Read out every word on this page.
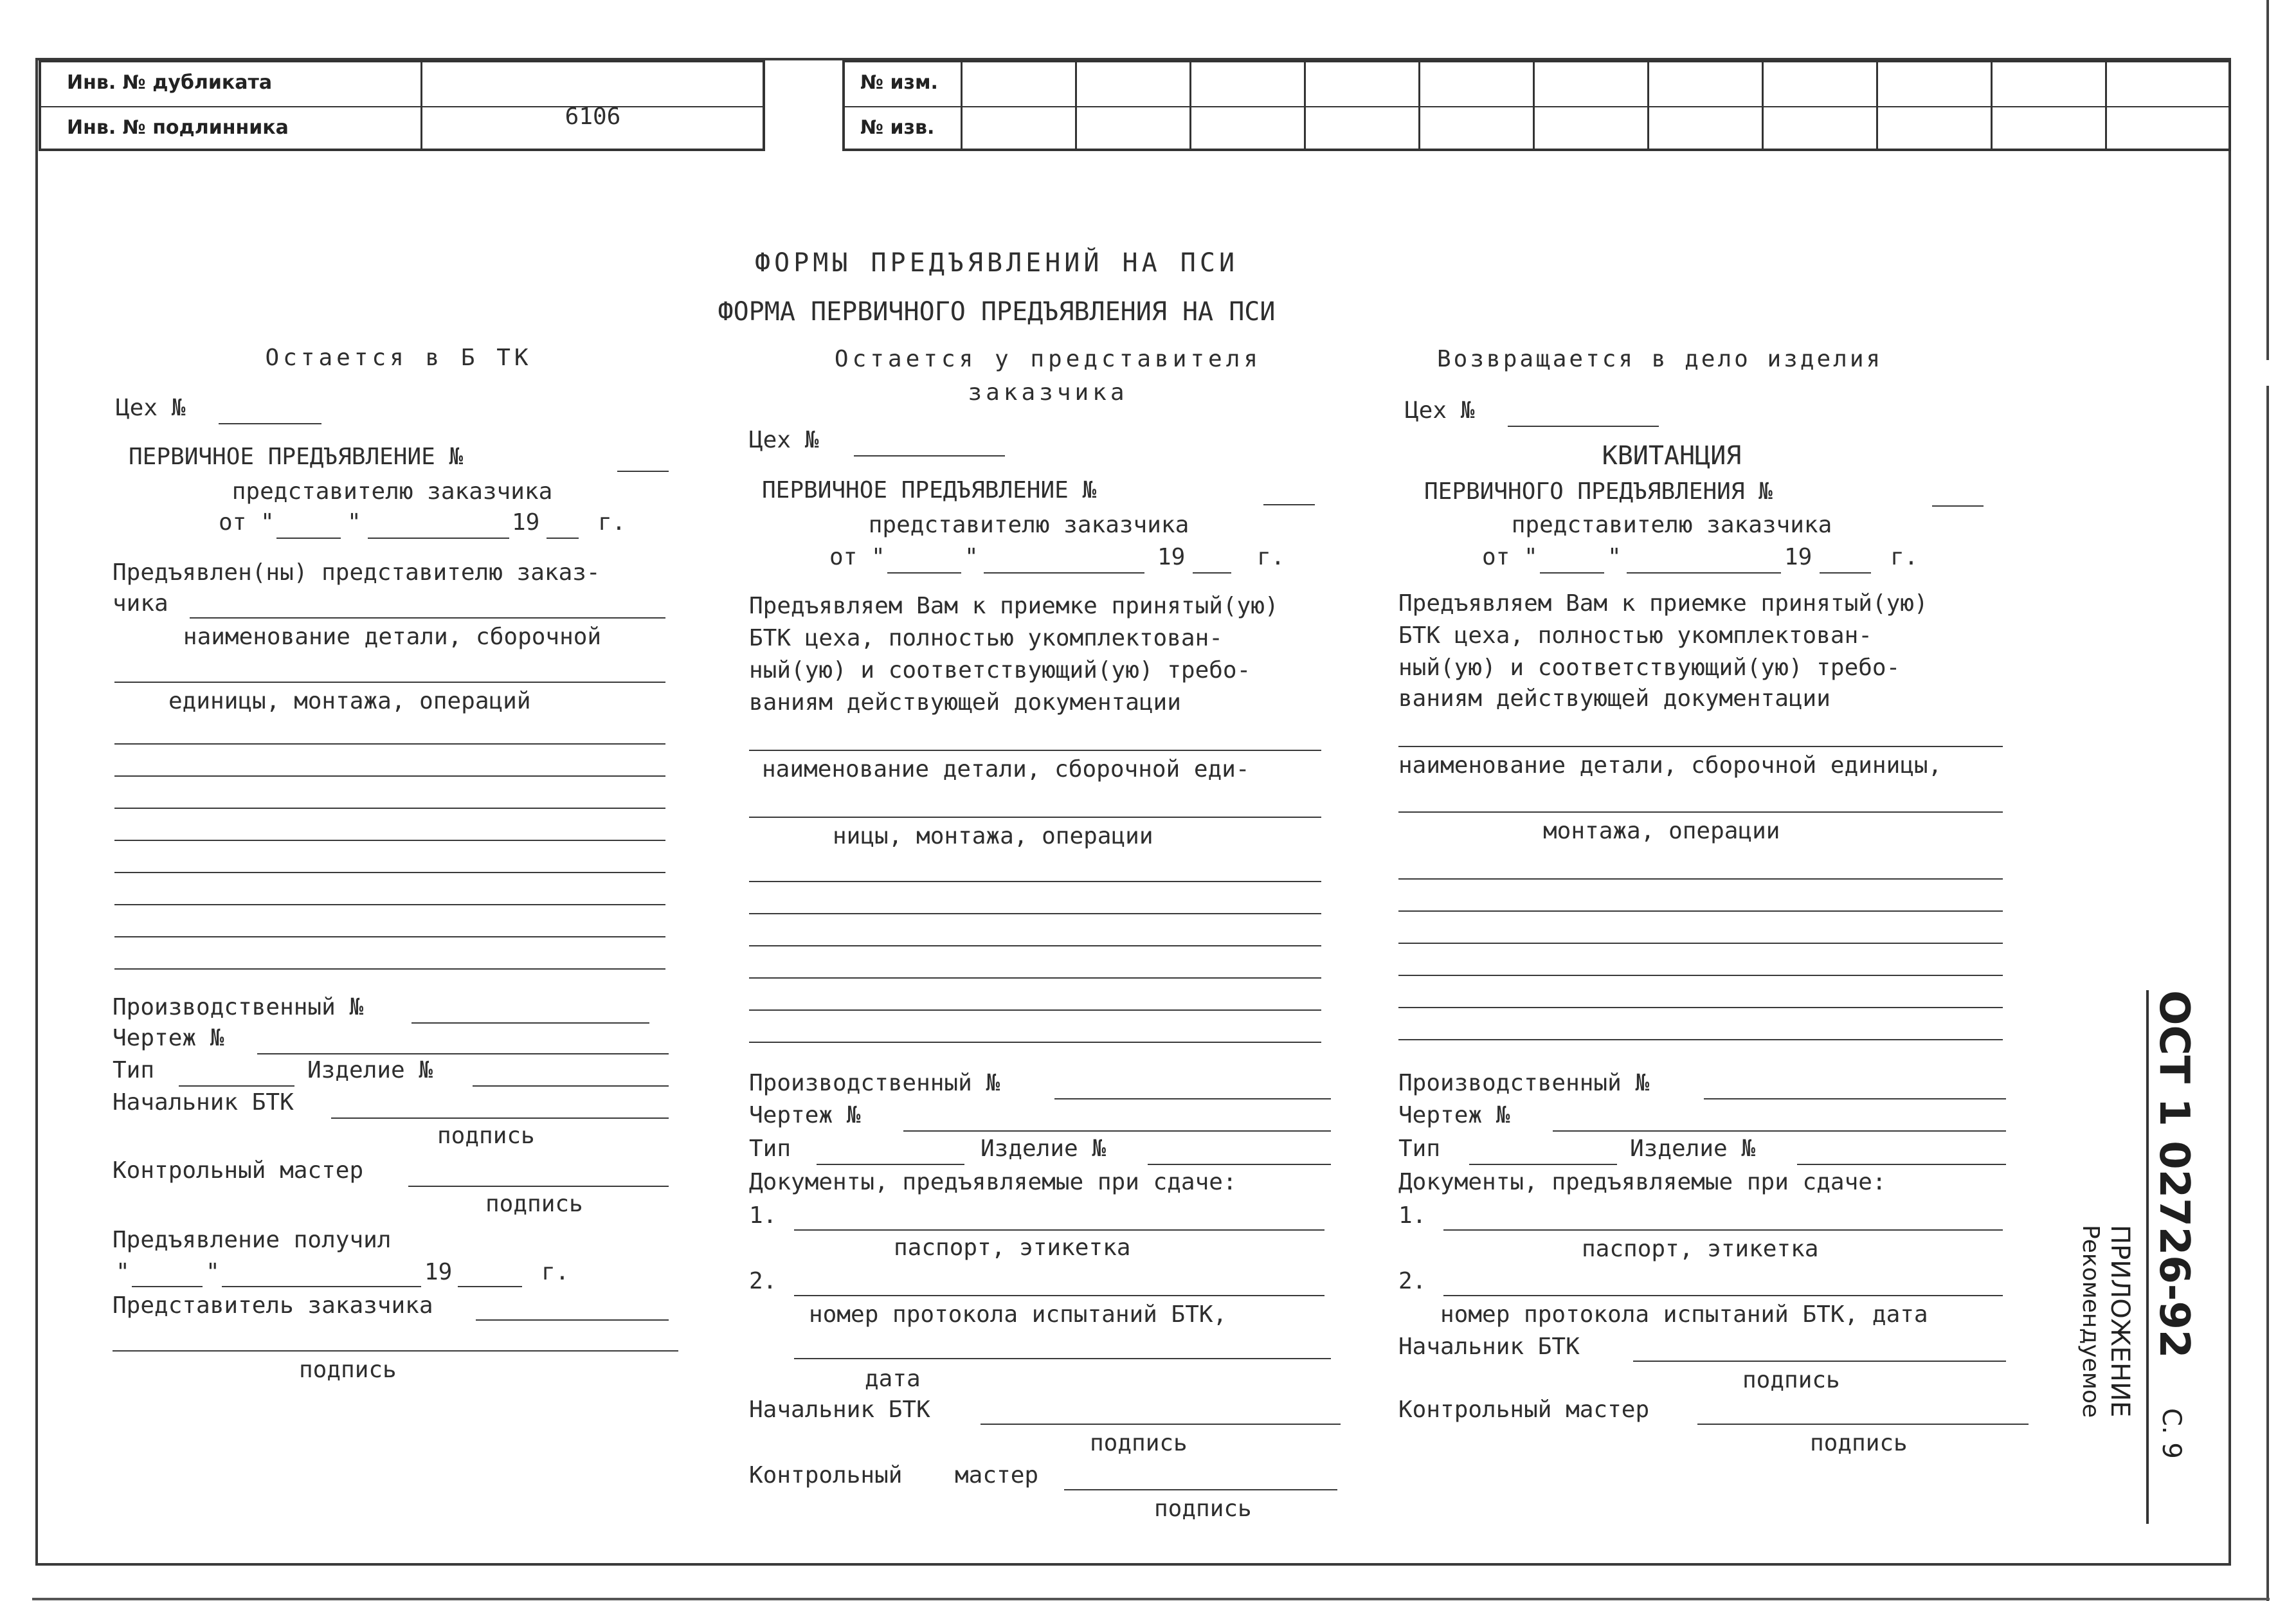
Инв. № дубликата
Инв. № подлинника	6106
№ изм.
№ изв.
ФОРМЫ ПРЕДЪЯВЛЕНИЙ НА ПСИ
ФОРМА ПЕРВИЧНОГО ПРЕДЪЯВЛЕНИЯ НА ПСИ
Остается в Б ТК
Цех №
ПЕРВИЧНОЕ ПРЕДЪЯВЛЕНИЕ №
представителю заказчика
от "	"	19	г.
Предъявлен(ны) представителю заказ-
чика
наименование детали, сборочной
единицы, монтажа, операций
Производственный №
Чертеж №
Тип	Изделие №
Начальник БТК
подпись
Контрольный мастер
подпись
Предъявление получил
"	"	19	г.
Представитель заказчика
подпись
Остается у представителя
заказчика
Цех №
ПЕРВИЧНОЕ ПРЕДЪЯВЛЕНИЕ №
представителю заказчика
от "	"	19	г.
Предъявляем Вам к приемке принятый(ую)
БТК цеха, полностью укомплектован-
ный(ую) и соответствующий(ую) требо-
ваниям действующей документации
наименование детали, сборочной еди-
ницы, монтажа, операции
Производственный №
Чертеж №
Тип	Изделие №
Документы, предъявляемые при сдаче:
1.
паспорт, этикетка
2.
номер протокола испытаний БТК,
дата
Начальник БТК
подпись
Контрольный мастер
подпись
Возвращается в дело изделия
Цех №
КВИТАНЦИЯ
ПЕРВИЧНОГО ПРЕДЪЯВЛЕНИЯ №
представителю заказчика
от "	"	19	г.
Предъявляем Вам к приемке принятый(ую)
БТК цеха, полностью укомплектован-
ный(ую) и соответствующий(ую) требо-
ваниям действующей документации
наименование детали, сборочной единицы,
монтажа, операции
Производственный №
Чертеж №
Тип	Изделие №
Документы, предъявляемые при сдаче:
1.
паспорт, этикетка
2.
номер протокола испытаний БТК, дата
Начальник БТК
подпись
Контрольный мастер
подпись
ОСТ 1 02726-92
С. 9
ПРИЛОЖЕНИЕ
Рекомендуемое
